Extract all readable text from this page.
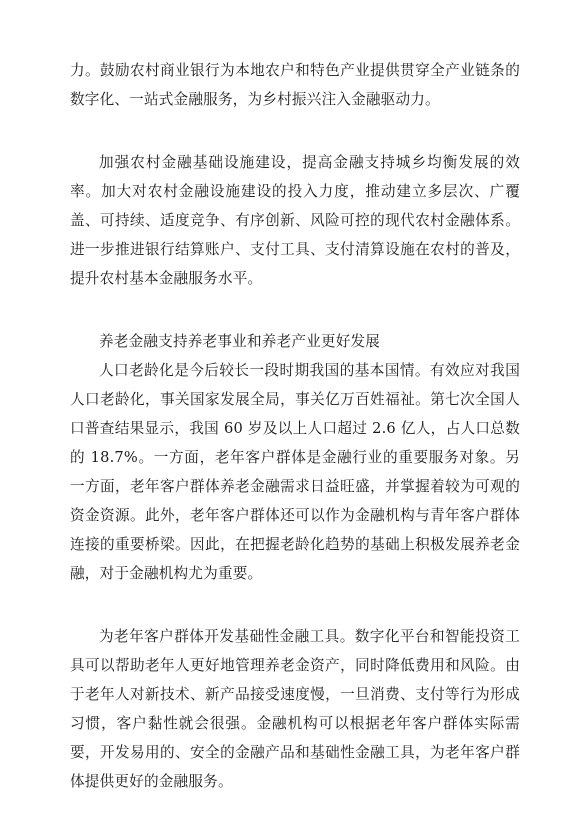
力。鼓励农村商业银行为本地农户和特色产业提供贯穿全产业链条的数字化、一站式金融服务，为乡村振兴注入金融驱动力。

加强农村金融基础设施建设，提高金融支持城乡均衡发展的效率。加大对农村金融设施建设的投入力度，推动建立多层次、广覆盖、可持续、适度竞争、有序创新、风险可控的现代农村金融体系。进一步推进银行结算账户、支付工具、支付清算设施在农村的普及，提升农村基本金融服务水平。

养老金融支持养老事业和养老产业更好发展

人口老龄化是今后较长一段时期我国的基本国情。有效应对我国人口老龄化，事关国家发展全局，事关亿万百姓福祉。第七次全国人口普查结果显示，我国 60 岁及以上人口超过 2.6 亿人，占人口总数的 18.7%。一方面，老年客户群体是金融行业的重要服务对象。另一方面，老年客户群体养老金融需求日益旺盛，并掌握着较为可观的资金资源。此外，老年客户群体还可以作为金融机构与青年客户群体连接的重要桥梁。因此，在把握老龄化趋势的基础上积极发展养老金融，对于金融机构尤为重要。

为老年客户群体开发基础性金融工具。数字化平台和智能投资工具可以帮助老年人更好地管理养老金资产，同时降低费用和风险。由于老年人对新技术、新产品接受速度慢，一旦消费、支付等行为形成习惯，客户黏性就会很强。金融机构可以根据老年客户群体实际需要，开发易用的、安全的金融产品和基础性金融工具，为老年客户群体提供更好的金融服务。
